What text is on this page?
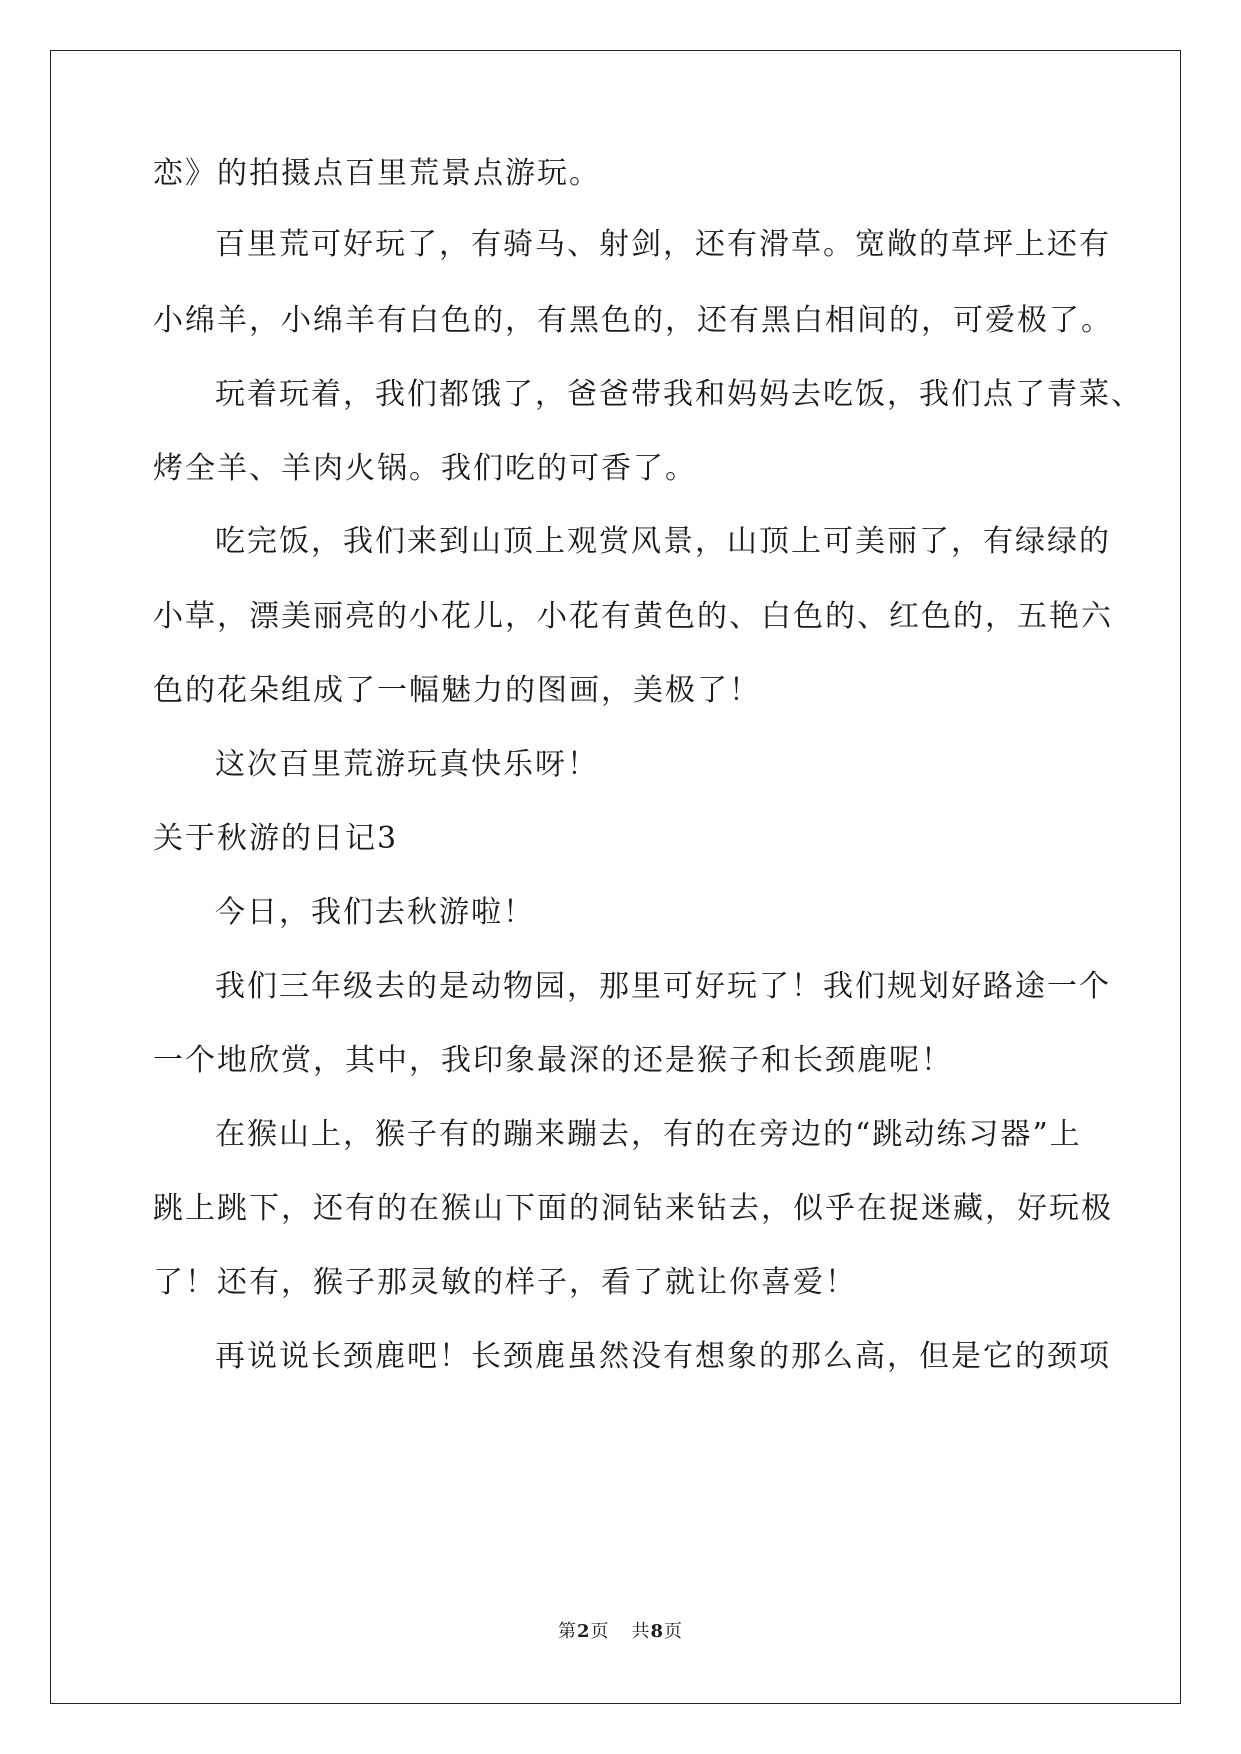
恋》的拍摄点百里荒景点游玩。
百里荒可好玩了，有骑马、射剑，还有滑草。宽敞的草坪上还有
小绵羊，小绵羊有白色的，有黑色的，还有黑白相间的，可爱极了。
玩着玩着，我们都饿了，爸爸带我和妈妈去吃饭，我们点了青菜、
烤全羊、羊肉火锅。我们吃的可香了。
吃完饭，我们来到山顶上观赏风景，山顶上可美丽了，有绿绿的
小草，漂美丽亮的小花儿，小花有黄色的、白色的、红色的，五艳六
色的花朵组成了一幅魅力的图画，美极了！
这次百里荒游玩真快乐呀！
关于秋游的日记3
今日，我们去秋游啦！
我们三年级去的是动物园，那里可好玩了！我们规划好路途一个
一个地欣赏，其中，我印象最深的还是猴子和长颈鹿呢！
在猴山上，猴子有的蹦来蹦去，有的在旁边的“跳动练习器”上
跳上跳下，还有的在猴山下面的洞钻来钻去，似乎在捉迷藏，好玩极
了！还有，猴子那灵敏的样子，看了就让你喜爱！
再说说长颈鹿吧！长颈鹿虽然没有想象的那么高，但是它的颈项
第2页 共8页
